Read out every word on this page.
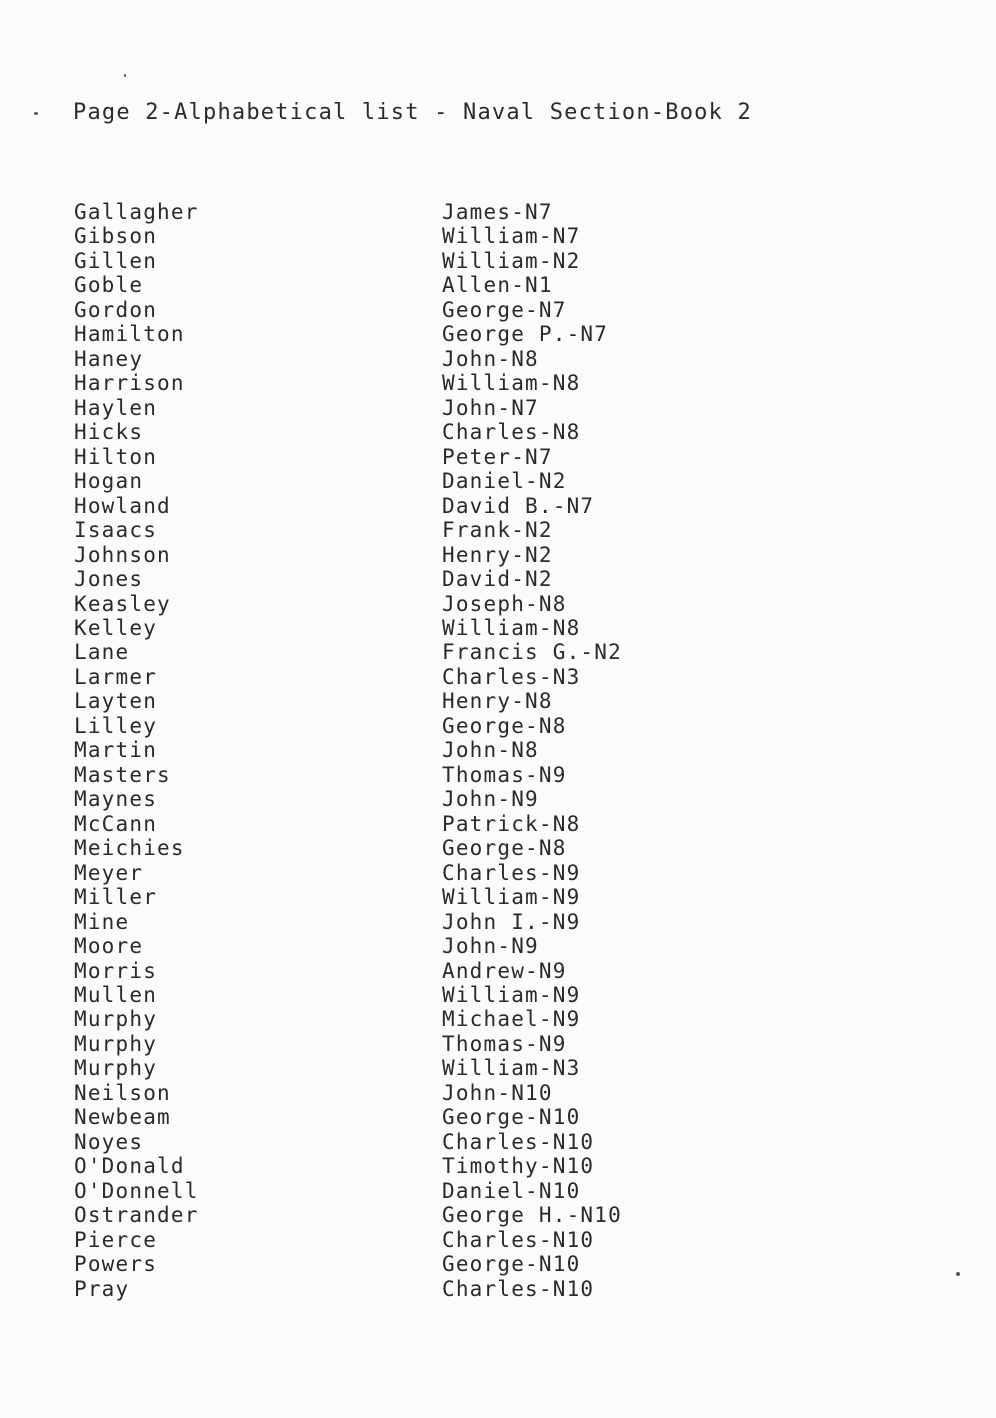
Page 2-Alphabetical list - Naval Section-Book 2
Gallagher	James-N7
Gibson	William-N7
Gillen	William-N2
Goble	Allen-N1
Gordon	George-N7
Hamilton	George P.-N7
Haney	John-N8
Harrison	William-N8
Haylen	John-N7
Hicks	Charles-N8
Hilton	Peter-N7
Hogan	Daniel-N2
Howland	David B.-N7
Isaacs	Frank-N2
Johnson	Henry-N2
Jones	David-N2
Keasley	Joseph-N8
Kelley	William-N8
Lane	Francis G.-N2
Larmer	Charles-N3
Layten	Henry-N8
Lilley	George-N8
Martin	John-N8
Masters	Thomas-N9
Maynes	John-N9
McCann	Patrick-N8
Meichies	George-N8
Meyer	Charles-N9
Miller	William-N9
Mine	John I.-N9
Moore	John-N9
Morris	Andrew-N9
Mullen	William-N9
Murphy	Michael-N9
Murphy	Thomas-N9
Murphy	William-N3
Neilson	John-N10
Newbeam	George-N10
Noyes	Charles-N10
O'Donald	Timothy-N10
O'Donnell	Daniel-N10
Ostrander	George H.-N10
Pierce	Charles-N10
Powers	George-N10
Pray	Charles-N10
